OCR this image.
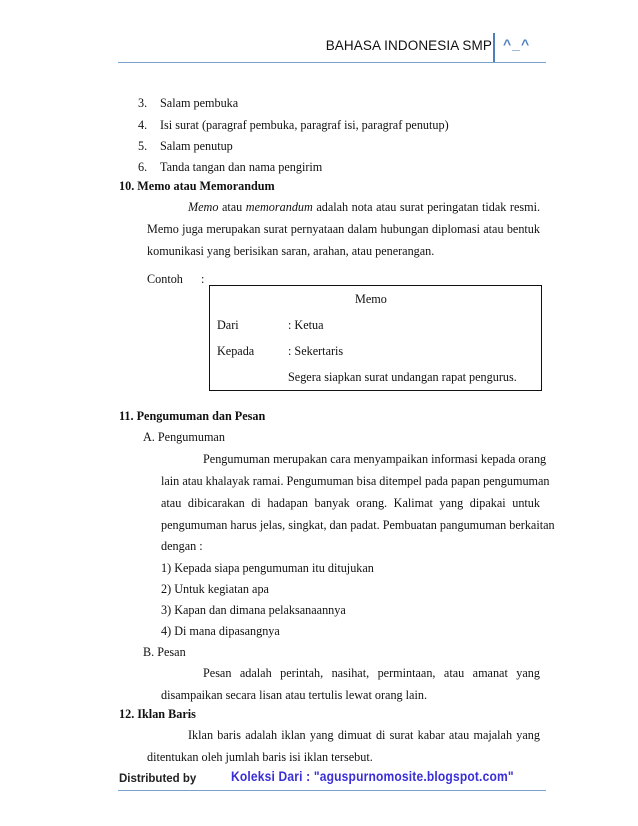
BAHASA INDONESIA SMP ^_^
3. Salam pembuka
4. Isi surat (paragraf pembuka, paragraf isi, paragraf penutup)
5. Salam penutup
6. Tanda tangan dan nama pengirim
10. Memo atau Memorandum
Memo atau memorandum adalah nota atau surat peringatan tidak resmi.
Memo juga merupakan surat pernyataan dalam hubungan diplomasi atau bentuk
komunikasi yang berisikan saran, arahan, atau penerangan.
Contoh :
Memo
Dari	: Ketua
Kepada	: Sekertaris
Segera siapkan surat undangan rapat pengurus.
11. Pengumuman dan Pesan
A. Pengumuman
Pengumuman merupakan cara menyampaikan informasi kepada orang
lain atau khalayak ramai. Pengumuman bisa ditempel pada papan pengumuman
atau dibicarakan di hadapan banyak orang. Kalimat yang dipakai untuk
pengumuman harus jelas, singkat, dan padat. Pembuatan pangumuman berkaitan
dengan :
1) Kepada siapa pengumuman itu ditujukan
2) Untuk kegiatan apa
3) Kapan dan dimana pelaksanaannya
4) Di mana dipasangnya
B. Pesan
Pesan adalah perintah, nasihat, permintaan, atau amanat yang
disampaikan secara lisan atau tertulis lewat orang lain.
12. Iklan Baris
Iklan baris adalah iklan yang dimuat di surat kabar atau majalah yang
ditentukan oleh jumlah baris isi iklan tersebut.
Distributed by Koleksi Dari : "aguspurnomosite.blogspot.com"
